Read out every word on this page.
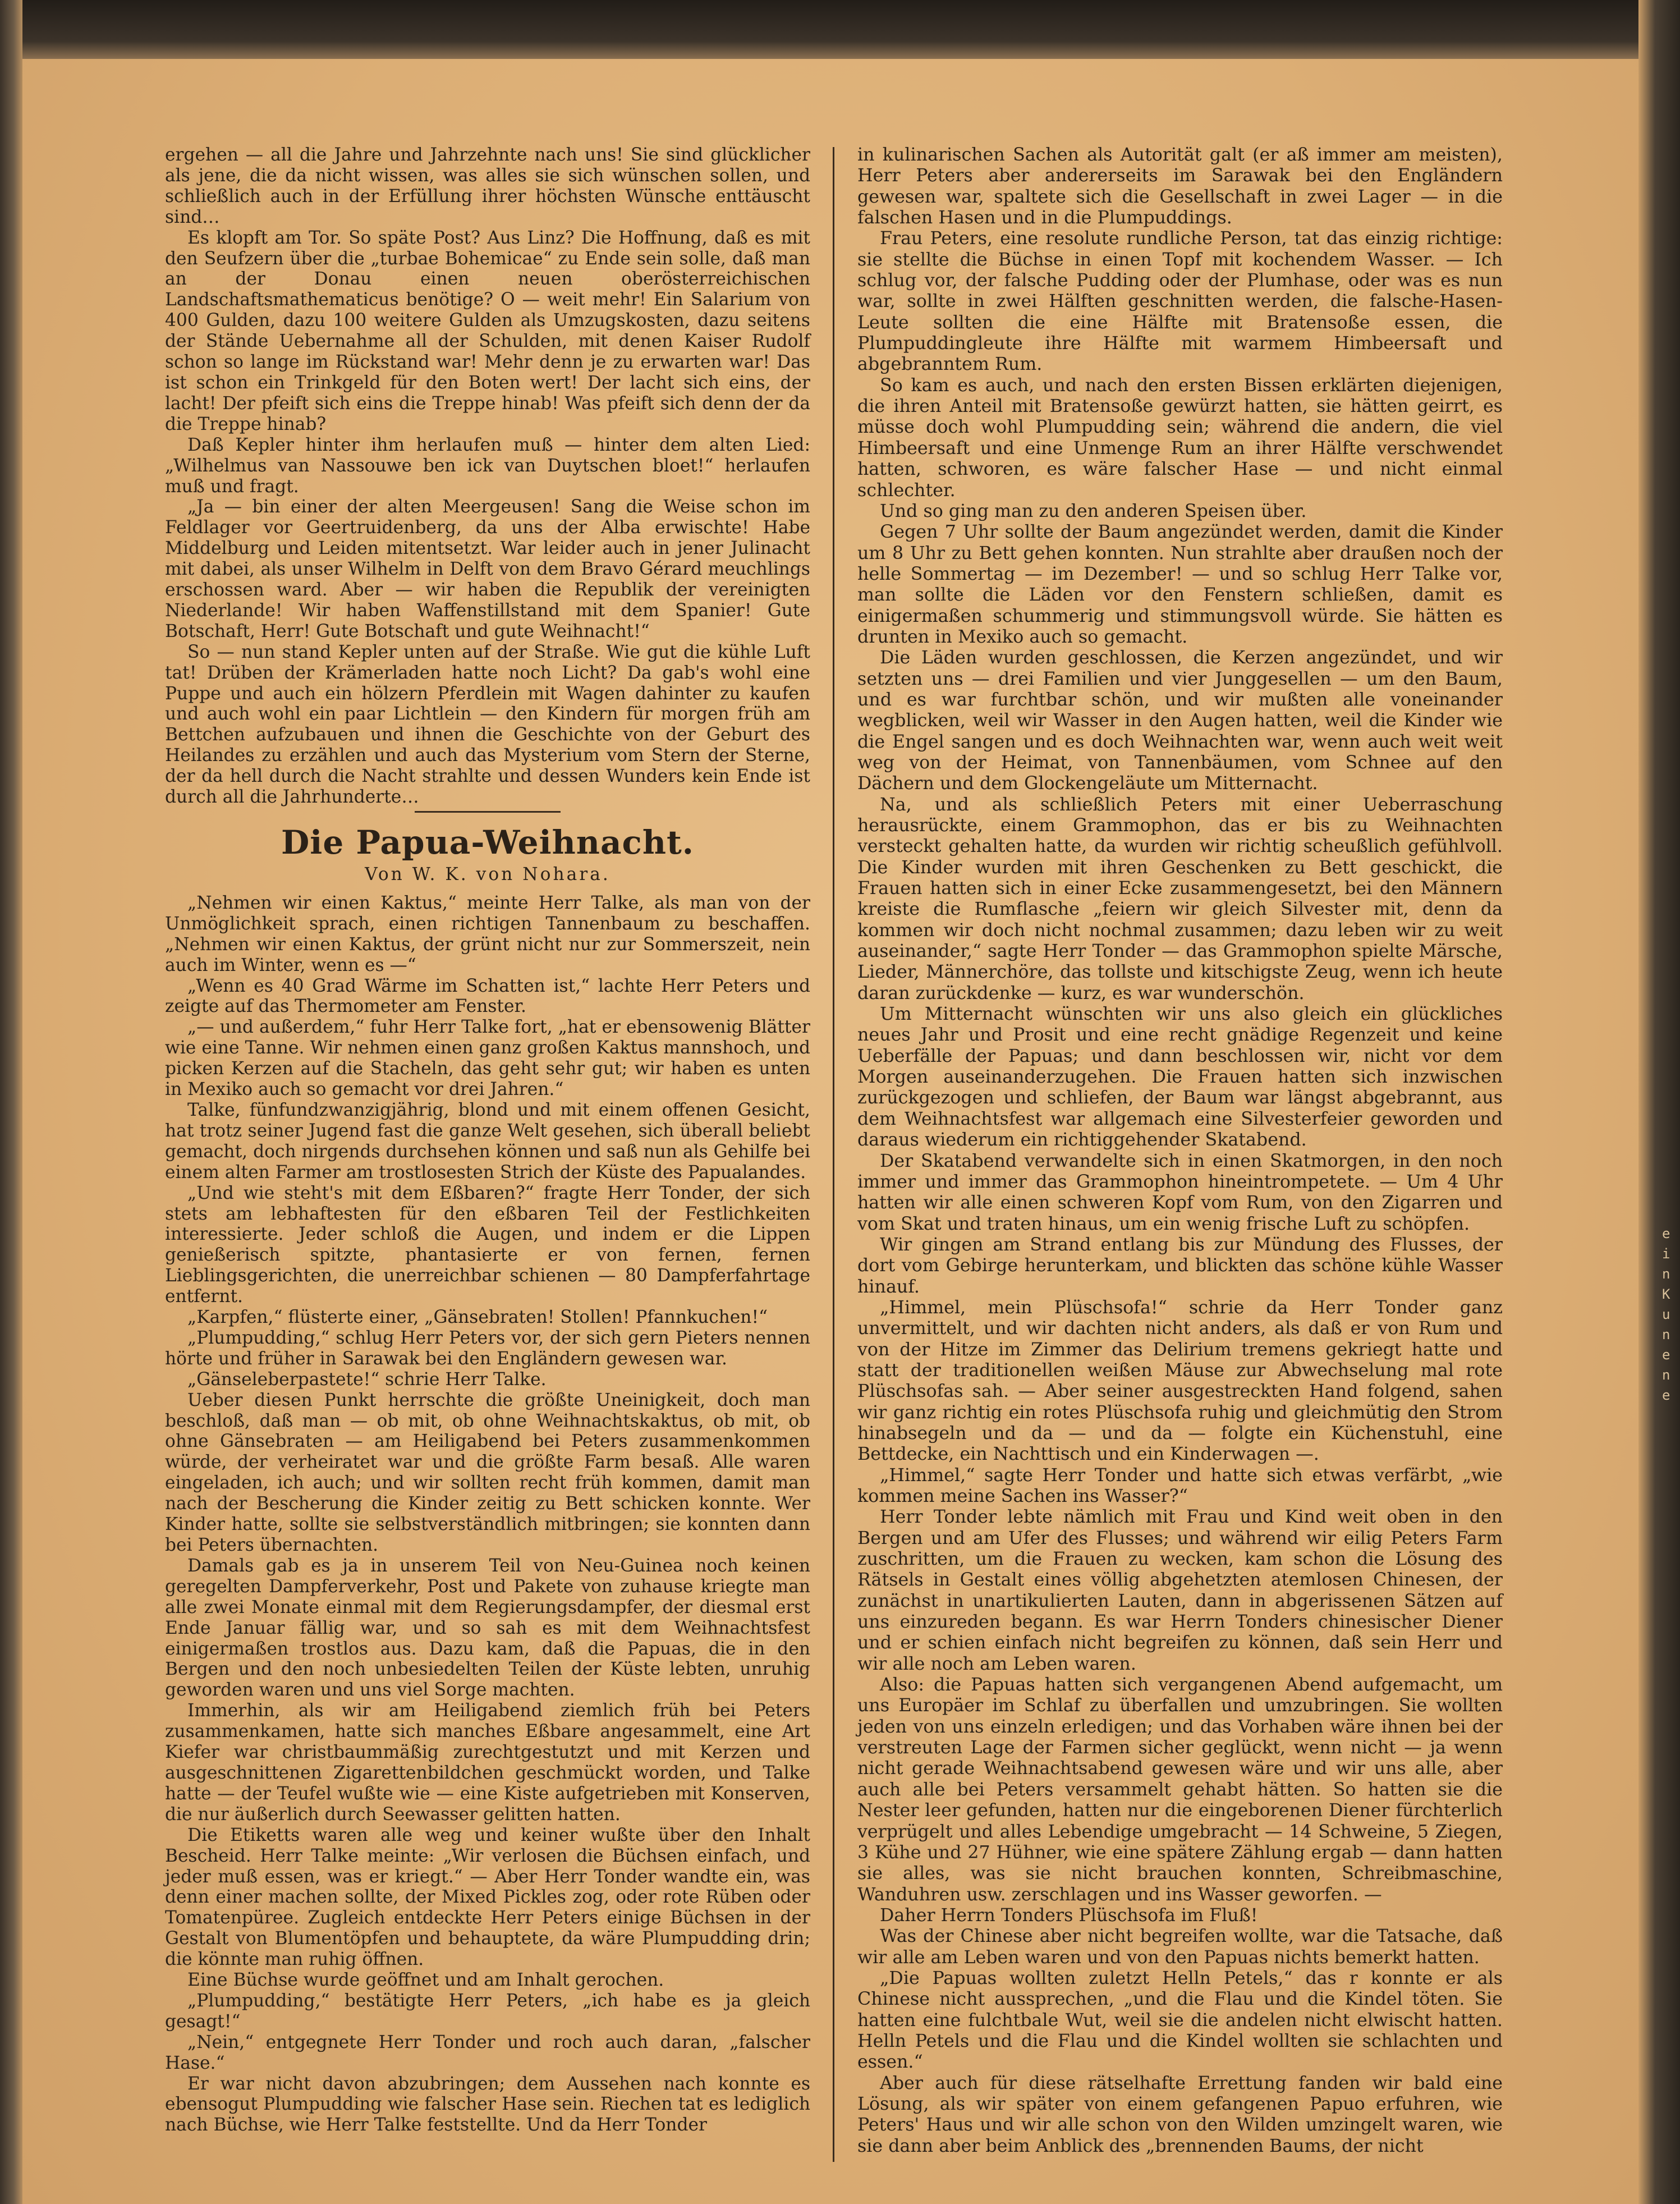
ein Ku ne n e

ergehen — all die Jahre und Jahrzehnte nach uns! Sie sind glücklicher als jene, die da nicht wissen, was alles sie sich wünschen sollen, und schließlich auch in der Erfüllung ihrer höchsten Wünsche enttäuscht sind…

Es klopft am Tor. So späte Post? Aus Linz? Die Hoffnung, daß es mit den Seufzern über die „turbae Bohemicae“ zu Ende sein solle, daß man an der Donau einen neuen oberösterreichischen Landschaftsmathematicus benötige? O — weit mehr! Ein Salarium von 400 Gulden, dazu 100 weitere Gulden als Umzugskosten, dazu seitens der Stände Uebernahme all der Schulden, mit denen Kaiser Rudolf schon so lange im Rückstand war! Mehr denn je zu erwarten war! Das ist schon ein Trinkgeld für den Boten wert! Der lacht sich eins, der lacht! Der pfeift sich eins die Treppe hinab! Was pfeift sich denn der da die Treppe hinab?

Daß Kepler hinter ihm herlaufen muß — hinter dem alten Lied: „Wilhelmus van Nassouwe ben ick van Duytschen bloet!“ herlaufen muß und fragt.

„Ja — bin einer der alten Meergeusen! Sang die Weise schon im Feldlager vor Geertruidenberg, da uns der Alba erwischte! Habe Middelburg und Leiden mitentsetzt. War leider auch in jener Julinacht mit dabei, als unser Wilhelm in Delft von dem Bravo Gérard meuchlings erschossen ward. Aber — wir haben die Republik der vereinigten Niederlande! Wir haben Waffenstillstand mit dem Spanier! Gute Botschaft, Herr! Gute Botschaft und gute Weihnacht!“

So — nun stand Kepler unten auf der Straße. Wie gut die kühle Luft tat! Drüben der Krämerladen hatte noch Licht? Da gab's wohl eine Puppe und auch ein hölzern Pferdlein mit Wagen dahinter zu kaufen und auch wohl ein paar Lichtlein — den Kindern für morgen früh am Bettchen aufzubauen und ihnen die Geschichte von der Geburt des Heilandes zu erzählen und auch das Mysterium vom Stern der Sterne, der da hell durch die Nacht strahlte und dessen Wunders kein Ende ist durch all die Jahrhunderte…

Die Papua-Weihnacht.
Von W. K. von Nohara.

„Nehmen wir einen Kaktus,“ meinte Herr Talke, als man von der Unmöglichkeit sprach, einen richtigen Tannenbaum zu beschaffen. „Nehmen wir einen Kaktus, der grünt nicht nur zur Sommerszeit, nein auch im Winter, wenn es —“

„Wenn es 40 Grad Wärme im Schatten ist,“ lachte Herr Peters und zeigte auf das Thermometer am Fenster.

„— und außerdem,“ fuhr Herr Talke fort, „hat er ebensowenig Blätter wie eine Tanne. Wir nehmen einen ganz großen Kaktus mannshoch, und picken Kerzen auf die Stacheln, das geht sehr gut; wir haben es unten in Mexiko auch so gemacht vor drei Jahren.“

Talke, fünfundzwanzigjährig, blond und mit einem offenen Gesicht, hat trotz seiner Jugend fast die ganze Welt gesehen, sich überall beliebt gemacht, doch nirgends durchsehen können und saß nun als Gehilfe bei einem alten Farmer am trostlosesten Strich der Küste des Papualandes.

„Und wie steht's mit dem Eßbaren?“ fragte Herr Tonder, der sich stets am lebhaftesten für den eßbaren Teil der Festlichkeiten interessierte. Jeder schloß die Augen, und indem er die Lippen genießerisch spitzte, phantasierte er von fernen, fernen Lieblingsgerichten, die unerreichbar schienen — 80 Dampferfahrtage entfernt.

„Karpfen,“ flüsterte einer, „Gänsebraten! Stollen! Pfannkuchen!“

„Plumpudding,“ schlug Herr Peters vor, der sich gern Pieters nennen hörte und früher in Sarawak bei den Engländern gewesen war.

„Gänseleberpastete!“ schrie Herr Talke.

Ueber diesen Punkt herrschte die größte Uneinigkeit, doch man beschloß, daß man — ob mit, ob ohne Weihnachtskaktus, ob mit, ob ohne Gänsebraten — am Heiligabend bei Peters zusammenkommen würde, der verheiratet war und die größte Farm besaß. Alle waren eingeladen, ich auch; und wir sollten recht früh kommen, damit man nach der Bescherung die Kinder zeitig zu Bett schicken konnte. Wer Kinder hatte, sollte sie selbstverständlich mitbringen; sie konnten dann bei Peters übernachten.

Damals gab es ja in unserem Teil von Neu-Guinea noch keinen geregelten Dampferverkehr, Post und Pakete von zuhause kriegte man alle zwei Monate einmal mit dem Regierungsdampfer, der diesmal erst Ende Januar fällig war, und so sah es mit dem Weihnachtsfest einigermaßen trostlos aus. Dazu kam, daß die Papuas, die in den Bergen und den noch unbesiedelten Teilen der Küste lebten, unruhig geworden waren und uns viel Sorge machten.

Immerhin, als wir am Heiligabend ziemlich früh bei Peters zusammenkamen, hatte sich manches Eßbare angesammelt, eine Art Kiefer war christbaummäßig zurechtgestutzt und mit Kerzen und ausgeschnittenen Zigarettenbildchen geschmückt worden, und Talke hatte — der Teufel wußte wie — eine Kiste aufgetrieben mit Konserven, die nur äußerlich durch Seewasser gelitten hatten.

Die Etiketts waren alle weg und keiner wußte über den Inhalt Bescheid. Herr Talke meinte: „Wir verlosen die Büchsen einfach, und jeder muß essen, was er kriegt.“ — Aber Herr Tonder wandte ein, was denn einer machen sollte, der Mixed Pickles zog, oder rote Rüben oder Tomatenpüree. Zugleich entdeckte Herr Peters einige Büchsen in der Gestalt von Blumentöpfen und behauptete, da wäre Plumpudding drin; die könnte man ruhig öffnen.

Eine Büchse wurde geöffnet und am Inhalt gerochen.

„Plumpudding,“ bestätigte Herr Peters, „ich habe es ja gleich gesagt!“

„Nein,“ entgegnete Herr Tonder und roch auch daran, „falscher Hase.“

Er war nicht davon abzubringen; dem Aussehen nach konnte es ebensogut Plumpudding wie falscher Hase sein. Riechen tat es lediglich nach Büchse, wie Herr Talke feststellte. Und da Herr Tonder

in kulinarischen Sachen als Autorität galt (er aß immer am meisten), Herr Peters aber andererseits im Sarawak bei den Engländern gewesen war, spaltete sich die Gesellschaft in zwei Lager — in die falschen Hasen und in die Plumpuddings.

Frau Peters, eine resolute rundliche Person, tat das einzig richtige: sie stellte die Büchse in einen Topf mit kochendem Wasser. — Ich schlug vor, der falsche Pudding oder der Plumhase, oder was es nun war, sollte in zwei Hälften geschnitten werden, die falsche-Hasen-Leute sollten die eine Hälfte mit Bratensoße essen, die Plumpuddingleute ihre Hälfte mit warmem Himbeersaft und abgebranntem Rum.

So kam es auch, und nach den ersten Bissen erklärten diejenigen, die ihren Anteil mit Bratensoße gewürzt hatten, sie hätten geirrt, es müsse doch wohl Plumpudding sein; während die andern, die viel Himbeersaft und eine Unmenge Rum an ihrer Hälfte verschwendet hatten, schworen, es wäre falscher Hase — und nicht einmal schlechter.

Und so ging man zu den anderen Speisen über.

Gegen 7 Uhr sollte der Baum angezündet werden, damit die Kinder um 8 Uhr zu Bett gehen konnten. Nun strahlte aber draußen noch der helle Sommertag — im Dezember! — und so schlug Herr Talke vor, man sollte die Läden vor den Fenstern schließen, damit es einigermaßen schummerig und stimmungsvoll würde. Sie hätten es drunten in Mexiko auch so gemacht.

Die Läden wurden geschlossen, die Kerzen angezündet, und wir setzten uns — drei Familien und vier Junggesellen — um den Baum, und es war furchtbar schön, und wir mußten alle voneinander wegblicken, weil wir Wasser in den Augen hatten, weil die Kinder wie die Engel sangen und es doch Weihnachten war, wenn auch weit weit weg von der Heimat, von Tannenbäumen, vom Schnee auf den Dächern und dem Glockengeläute um Mitternacht.

Na, und als schließlich Peters mit einer Ueberraschung herausrückte, einem Grammophon, das er bis zu Weihnachten versteckt gehalten hatte, da wurden wir richtig scheußlich gefühlvoll. Die Kinder wurden mit ihren Geschenken zu Bett geschickt, die Frauen hatten sich in einer Ecke zusammengesetzt, bei den Männern kreiste die Rumflasche „feiern wir gleich Silvester mit, denn da kommen wir doch nicht nochmal zusammen; dazu leben wir zu weit auseinander,“ sagte Herr Tonder — das Grammophon spielte Märsche, Lieder, Männerchöre, das tollste und kitschigste Zeug, wenn ich heute daran zurückdenke — kurz, es war wunderschön.

Um Mitternacht wünschten wir uns also gleich ein glückliches neues Jahr und Prosit und eine recht gnädige Regenzeit und keine Ueberfälle der Papuas; und dann beschlossen wir, nicht vor dem Morgen auseinanderzugehen. Die Frauen hatten sich inzwischen zurückgezogen und schliefen, der Baum war längst abgebrannt, aus dem Weihnachtsfest war allgemach eine Silvesterfeier geworden und daraus wiederum ein richtiggehender Skatabend.

Der Skatabend verwandelte sich in einen Skatmorgen, in den noch immer und immer das Grammophon hineintrompetete. — Um 4 Uhr hatten wir alle einen schweren Kopf vom Rum, von den Zigarren und vom Skat und traten hinaus, um ein wenig frische Luft zu schöpfen.

Wir gingen am Strand entlang bis zur Mündung des Flusses, der dort vom Gebirge herunterkam, und blickten das schöne kühle Wasser hinauf.

„Himmel, mein Plüschsofa!“ schrie da Herr Tonder ganz unvermittelt, und wir dachten nicht anders, als daß er von Rum und von der Hitze im Zimmer das Delirium tremens gekriegt hatte und statt der traditionellen weißen Mäuse zur Abwechselung mal rote Plüschsofas sah. — Aber seiner ausgestreckten Hand folgend, sahen wir ganz richtig ein rotes Plüschsofa ruhig und gleichmütig den Strom hinabsegeln und da — und da — folgte ein Küchenstuhl, eine Bettdecke, ein Nachttisch und ein Kinderwagen —.

„Himmel,“ sagte Herr Tonder und hatte sich etwas verfärbt, „wie kommen meine Sachen ins Wasser?“

Herr Tonder lebte nämlich mit Frau und Kind weit oben in den Bergen und am Ufer des Flusses; und während wir eilig Peters Farm zuschritten, um die Frauen zu wecken, kam schon die Lösung des Rätsels in Gestalt eines völlig abgehetzten atemlosen Chinesen, der zunächst in unartikulierten Lauten, dann in abgerissenen Sätzen auf uns einzureden begann. Es war Herrn Tonders chinesischer Diener und er schien einfach nicht begreifen zu können, daß sein Herr und wir alle noch am Leben waren.

Also: die Papuas hatten sich vergangenen Abend aufgemacht, um uns Europäer im Schlaf zu überfallen und umzubringen. Sie wollten jeden von uns einzeln erledigen; und das Vorhaben wäre ihnen bei der verstreuten Lage der Farmen sicher geglückt, wenn nicht — ja wenn nicht gerade Weihnachtsabend gewesen wäre und wir uns alle, aber auch alle bei Peters versammelt gehabt hätten. So hatten sie die Nester leer gefunden, hatten nur die eingeborenen Diener fürchterlich verprügelt und alles Lebendige umgebracht — 14 Schweine, 5 Ziegen, 3 Kühe und 27 Hühner, wie eine spätere Zählung ergab — dann hatten sie alles, was sie nicht brauchen konnten, Schreibmaschine, Wanduhren usw. zerschlagen und ins Wasser geworfen. —

Daher Herrn Tonders Plüschsofa im Fluß!

Was der Chinese aber nicht begreifen wollte, war die Tatsache, daß wir alle am Leben waren und von den Papuas nichts bemerkt hatten.

„Die Papuas wollten zuletzt Helln Petels,“ das r konnte er als Chinese nicht aussprechen, „und die Flau und die Kindel töten. Sie hatten eine fulchtbale Wut, weil sie die andelen nicht elwischt hatten. Helln Petels und die Flau und die Kindel wollten sie schlachten und essen.“

Aber auch für diese rätselhafte Errettung fanden wir bald eine Lösung, als wir später von einem gefangenen Papuo erfuhren, wie Peters' Haus und wir alle schon von den Wilden umzingelt waren, wie sie dann aber beim Anblick des „brennenden Baums, der nicht
